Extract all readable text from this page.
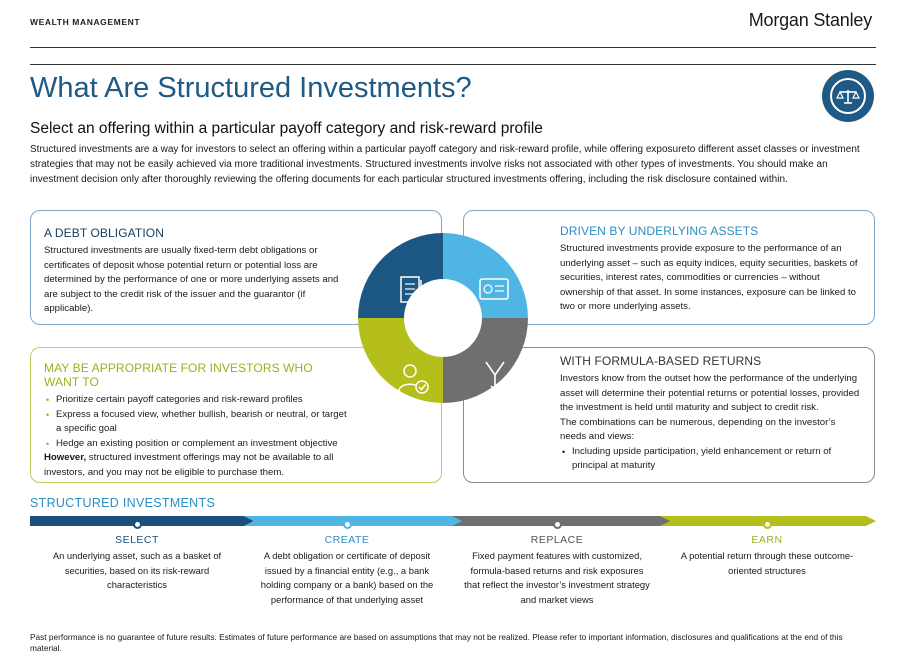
WEALTH MANAGEMENT	Morgan Stanley
What Are Structured Investments?
Select an offering within a particular payoff category and risk-reward profile

Structured investments are a way for investors to select an offering within a particular payoff category and risk-reward profile, while offering exposureto different asset classes or investment strategies that may not be easily achieved via more traditional investments. Structured investments involve risks not associated with other types of investments. You should make an investment decision only after thoroughly reviewing the offering documents for each particular structured investments offering, including the risk disclosure contained within.

A DEBT OBLIGATION

Structured investments are usually fixed-term debt obligations or certificates of deposit whose potential return or potential loss are determined by the performance of one or more underlying assets and are subject to the credit risk of the issuer and the guarantor (if applicable).

DRIVEN BY UNDERLYING ASSETS

Structured investments provide exposure to the performance of an underlying asset – such as equity indices, equity securities, baskets of securities, interest rates, commodities or currencies – without ownership of that asset. In some instances, exposure can be linked to two or more underlying assets.

MAY BE APPROPRIATE FOR INVESTORS WHO WANT TO
• Prioritize certain payoff categories and risk-reward profiles
• Express a focused view, whether bullish, bearish or neutral, or target a specific goal
• Hedge an existing position or complement an investment objective

However, structured investment offerings may not be available to all investors, and you may not be eligible to purchase them.

WITH FORMULA-BASED RETURNS

Investors know from the outset how the performance of the underlying asset will determine their potential returns or potential losses, provided the investment is held until maturity and subject to credit risk.

The combinations can be numerous, depending on the investor’s needs and views:

• Including upside participation, yield enhancement or return of principal at maturity
STRUCTURED INVESTMENTS
SELECT

An underlying asset, such as a basket of securities, based on its risk-reward characteristics

CREATE

A debt obligation or certificate of deposit issued by a financial entity (e.g., a bank holding company or a bank) based on the performance of that underlying asset

REPLACE

Fixed payment features with customized, formula-based returns and risk exposures that reflect the investor’s investment strategy and market views

EARN

A potential return through these outcome-oriented structures

Past performance is no guarantee of future results. Estimates of future performance are based on assumptions that may not be realized. Please refer to important information, disclosures and qualifications at the end of this material.
